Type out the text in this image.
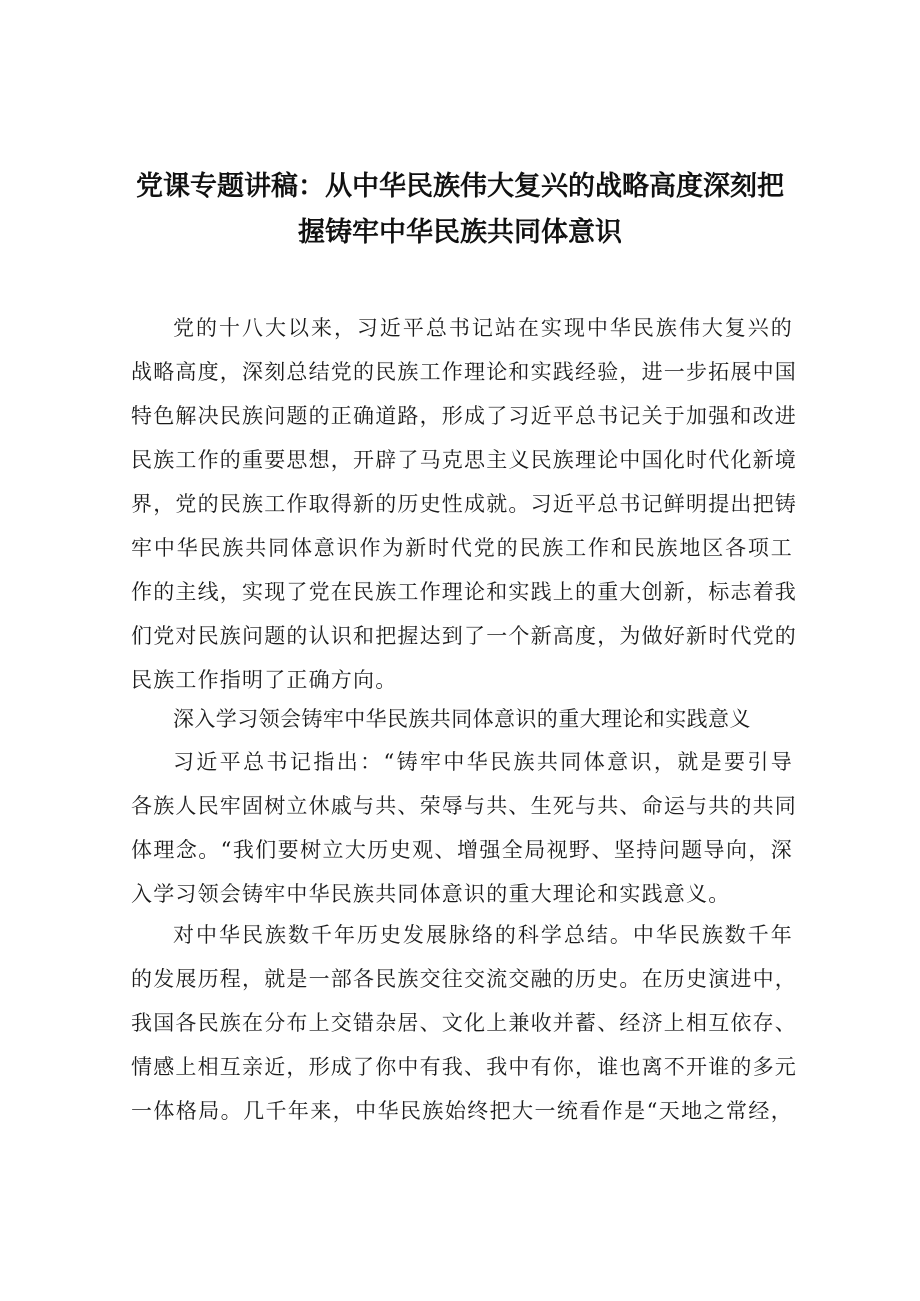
党课专题讲稿：从中华民族伟大复兴的战略高度深刻把
握铸牢中华民族共同体意识

党的十八大以来，习近平总书记站在实现中华民族伟大复兴的
战略高度，深刻总结党的民族工作理论和实践经验，进一步拓展中国
特色解决民族问题的正确道路，形成了习近平总书记关于加强和改进
民族工作的重要思想，开辟了马克思主义民族理论中国化时代化新境
界，党的民族工作取得新的历史性成就。习近平总书记鲜明提出把铸
牢中华民族共同体意识作为新时代党的民族工作和民族地区各项工
作的主线，实现了党在民族工作理论和实践上的重大创新，标志着我
们党对民族问题的认识和把握达到了一个新高度，为做好新时代党的
民族工作指明了正确方向。

深入学习领会铸牢中华民族共同体意识的重大理论和实践意义

习近平总书记指出：“铸牢中华民族共同体意识，就是要引导
各族人民牢固树立休戚与共、荣辱与共、生死与共、命运与共的共同
体理念。“我们要树立大历史观、增强全局视野、坚持问题导向，深
入学习领会铸牢中华民族共同体意识的重大理论和实践意义。

对中华民族数千年历史发展脉络的科学总结。中华民族数千年
的发展历程，就是一部各民族交往交流交融的历史。在历史演进中，
我国各民族在分布上交错杂居、文化上兼收并蓄、经济上相互依存、
情感上相互亲近，形成了你中有我、我中有你，谁也离不开谁的多元
一体格局。几千年来，中华民族始终把大一统看作是“天地之常经，
